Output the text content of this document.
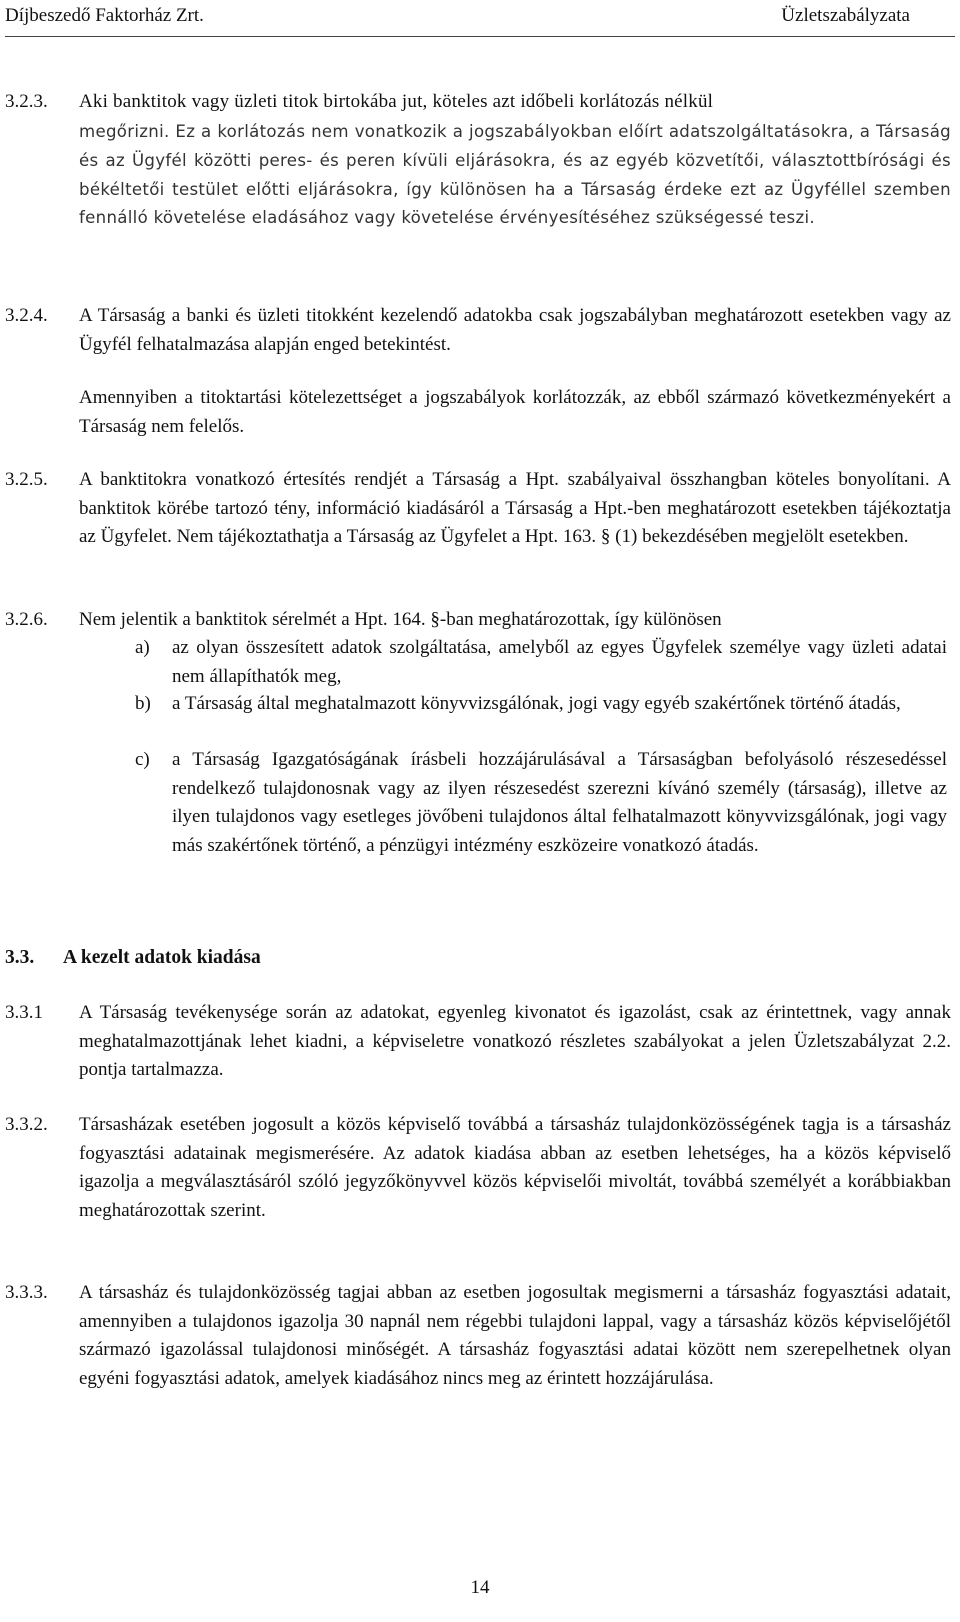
Díjbeszedő Faktorház Zrt.	Üzletszabályzata
3.2.3. Aki banktitok vagy üzleti titok birtokába jut, köteles azt időbeli korlátozás nélkül
megőrizni. Ez a korlátozás nem vonatkozik a jogszabályokban előírt adatszolgáltatásokra, a Társaság és az Ügyfél közötti peres- és peren kívüli eljárásokra, és az egyéb közvetítői, választottbírósági és békéltetői testület előtti eljárásokra, így különösen ha a Társaság érdeke ezt az Ügyféllel szemben fennálló követelése eladásához vagy követelése érvényesítéséhez szükségessé teszi.
3.2.4. A Társaság a banki és üzleti titokként kezelendő adatokba csak jogszabályban meghatározott esetekben vagy az Ügyfél felhatalmazása alapján enged betekintést.
Amennyiben a titoktartási kötelezettséget a jogszabályok korlátozzák, az ebből származó következményekért a Társaság nem felelős.
3.2.5. A banktitokra vonatkozó értesítés rendjét a Társaság a Hpt. szabályaival összhangban köteles bonyolítani. A banktitok körébe tartozó tény, információ kiadásáról a Társaság a Hpt.-ben meghatározott esetekben tájékoztatja az Ügyfelet. Nem tájékoztathatja a Társaság az Ügyfelet a Hpt. 163. § (1) bekezdésében megjelölt esetekben.
3.2.6. Nem jelentik a banktitok sérelmét a Hpt. 164. §-ban meghatározottak, így különösen
a) az olyan összesített adatok szolgáltatása, amelyből az egyes Ügyfelek személye vagy üzleti adatai nem állapíthatók meg,
b) a Társaság által meghatalmazott könyvvizsgálónak, jogi vagy egyéb szakértőnek történő átadás,
c) a Társaság Igazgatóságának írásbeli hozzájárulásával a Társaságban befolyásoló részesedéssel rendelkező tulajdonosnak vagy az ilyen részesedést szerezni kívánó személy (társaság), illetve az ilyen tulajdonos vagy esetleges jövőbeni tulajdonos által felhatalmazott könyvvizsgálónak, jogi vagy más szakértőnek történő, a pénzügyi intézmény eszközeire vonatkozó átadás.
3.3. A kezelt adatok kiadása
3.3.1 A Társaság tevékenysége során az adatokat, egyenleg kivonatot és igazolást, csak az érintettnek, vagy annak meghatalmazottjának lehet kiadni, a képviseletre vonatkozó részletes szabályokat a jelen Üzletszabályzat 2.2. pontja tartalmazza.
3.3.2. Társasházak esetében jogosult a közös képviselő továbbá a társasház tulajdonközösségének tagja is a társasház fogyasztási adatainak megismerésére. Az adatok kiadása abban az esetben lehetséges, ha a közös képviselő igazolja a megválasztásáról szóló jegyzőkönyvvel közös képviselői mivoltát, továbbá személyét a korábbiakban meghatározottak szerint.
3.3.3. A társasház és tulajdonközösség tagjai abban az esetben jogosultak megismerni a társasház fogyasztási adatait, amennyiben a tulajdonos igazolja 30 napnál nem régebbi tulajdoni lappal, vagy a társasház közös képviselőjétől származó igazolással tulajdonosi minőségét. A társasház fogyasztási adatai között nem szerepelhetnek olyan egyéni fogyasztási adatok, amelyek kiadásához nincs meg az érintett hozzájárulása.
14
